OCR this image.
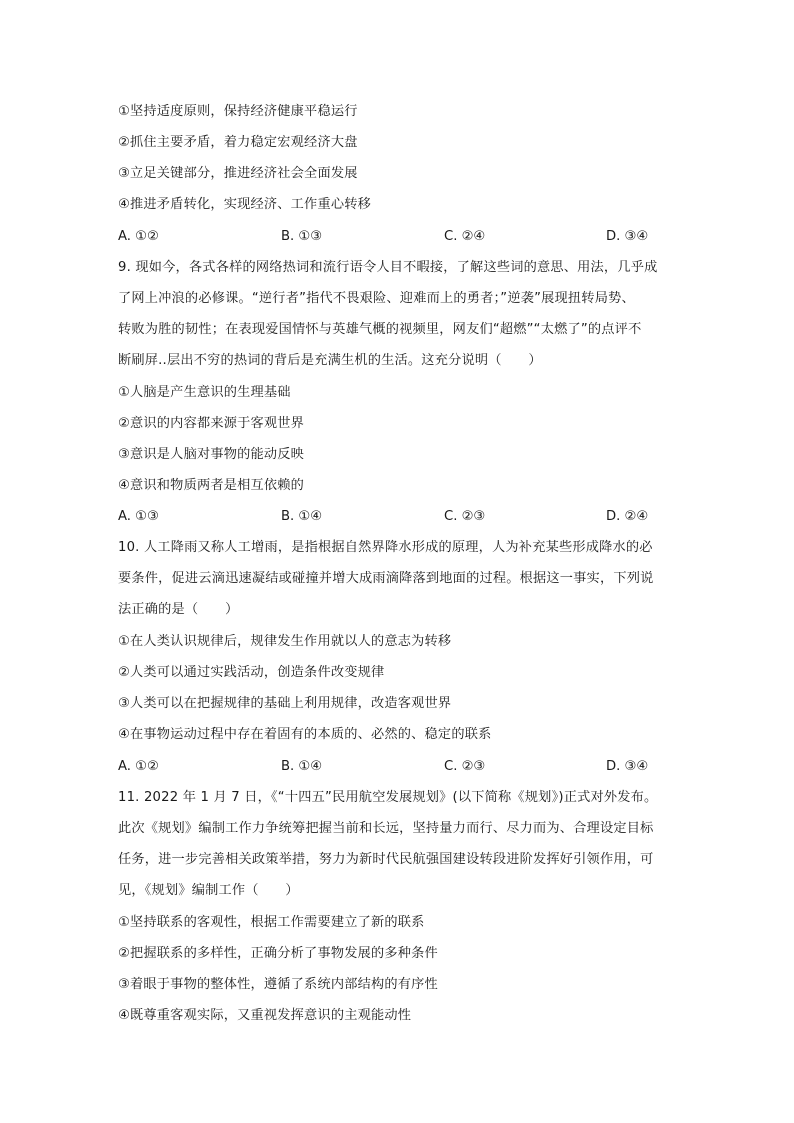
①坚持适度原则，保持经济健康平稳运行
②抓住主要矛盾，着力稳定宏观经济大盘
③立足关键部分，推进经济社会全面发展
④推进矛盾转化，实现经济、工作重心转移
A. ①②	B. ①③	C. ②④	D. ③④
9. 现如今，各式各样的网络热词和流行语令人目不暇接，了解这些词的意思、用法，几乎成
了网上冲浪的必修课。“逆行者”指代不畏艰险、迎难而上的勇者；”逆袭”展现扭转局势、
转败为胜的韧性；在表现爱国情怀与英雄气概的视频里，网友们“超燃”“太燃了”的点评不
断刷屏..层出不穷的热词的背后是充满生机的生活。这充分说明（　　）
①人脑是产生意识的生理基础
②意识的内容都来源于客观世界
③意识是人脑对事物的能动反映
④意识和物质两者是相互依赖的
A. ①③	B. ①④	C. ②③	D. ②④
10. 人工降雨又称人工增雨，是指根据自然界降水形成的原理，人为补充某些形成降水的必
要条件，促进云滴迅速凝结或碰撞并增大成雨滴降落到地面的过程。根据这一事实，下列说
法正确的是（　　）
①在人类认识规律后，规律发生作用就以人的意志为转移
②人类可以通过实践活动，创造条件改变规律
③人类可以在把握规律的基础上利用规律，改造客观世界
④在事物运动过程中存在着固有的本质的、必然的、稳定的联系
A. ①②	B. ①④	C. ②③	D. ③④
11. 2022 年 1 月 7 日，《“十四五”民用航空发展规划》(以下简称《规划》)正式对外发布。
此次《规划》编制工作力争统筹把握当前和长远，坚持量力而行、尽力而为、合理设定目标
任务，进一步完善相关政策举措，努力为新时代民航强国建设转段进阶发挥好引领作用，可
见，《规划》编制工作（　　）
①坚持联系的客观性，根据工作需要建立了新的联系
②把握联系的多样性，正确分析了事物发展的多种条件
③着眼于事物的整体性，遵循了系统内部结构的有序性
④既尊重客观实际，又重视发挥意识的主观能动性
